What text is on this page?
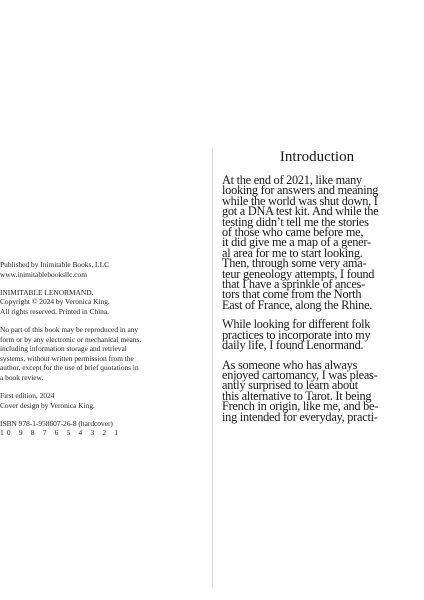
Published by Inimitable Books, LLC
www.inimitablebooksllc.com

INIMITABLE LENORMAND.
Copyright © 2024 by Veronica King.
All rights reserved. Printed in China.

No part of this book may be reproduced in any
form or by any electronic or mechanical means,
including information storage and retrieval
systems, without written permission from the
author, except for the use of brief quotations in
a book review.

First edition, 2024
Cover design by Veronica King.

ISBN 978-1-958607-26-8 (hardcover)
10 9 8 7 6 5 4 3 2 1

Introduction

At the end of 2021, like many
looking for answers and meaning
while the world was shut down, I
got a DNA test kit. And while the
testing didn’t tell me the stories
of those who came before me,
it did give me a map of a gener-
al area for me to start looking.
Then, through some very ama-
teur geneology attempts, I found
that I have a sprinkle of ances-
tors that come from the North
East of France, along the Rhine.

While looking for different folk
practices to incorporate into my
daily life, I found Lenormand.

As someone who has always
enjoyed cartomancy, I was pleas-
antly surprised to learn about
this alternative to Tarot. It being
French in origin, like me, and be-
ing intended for everyday, practi-
